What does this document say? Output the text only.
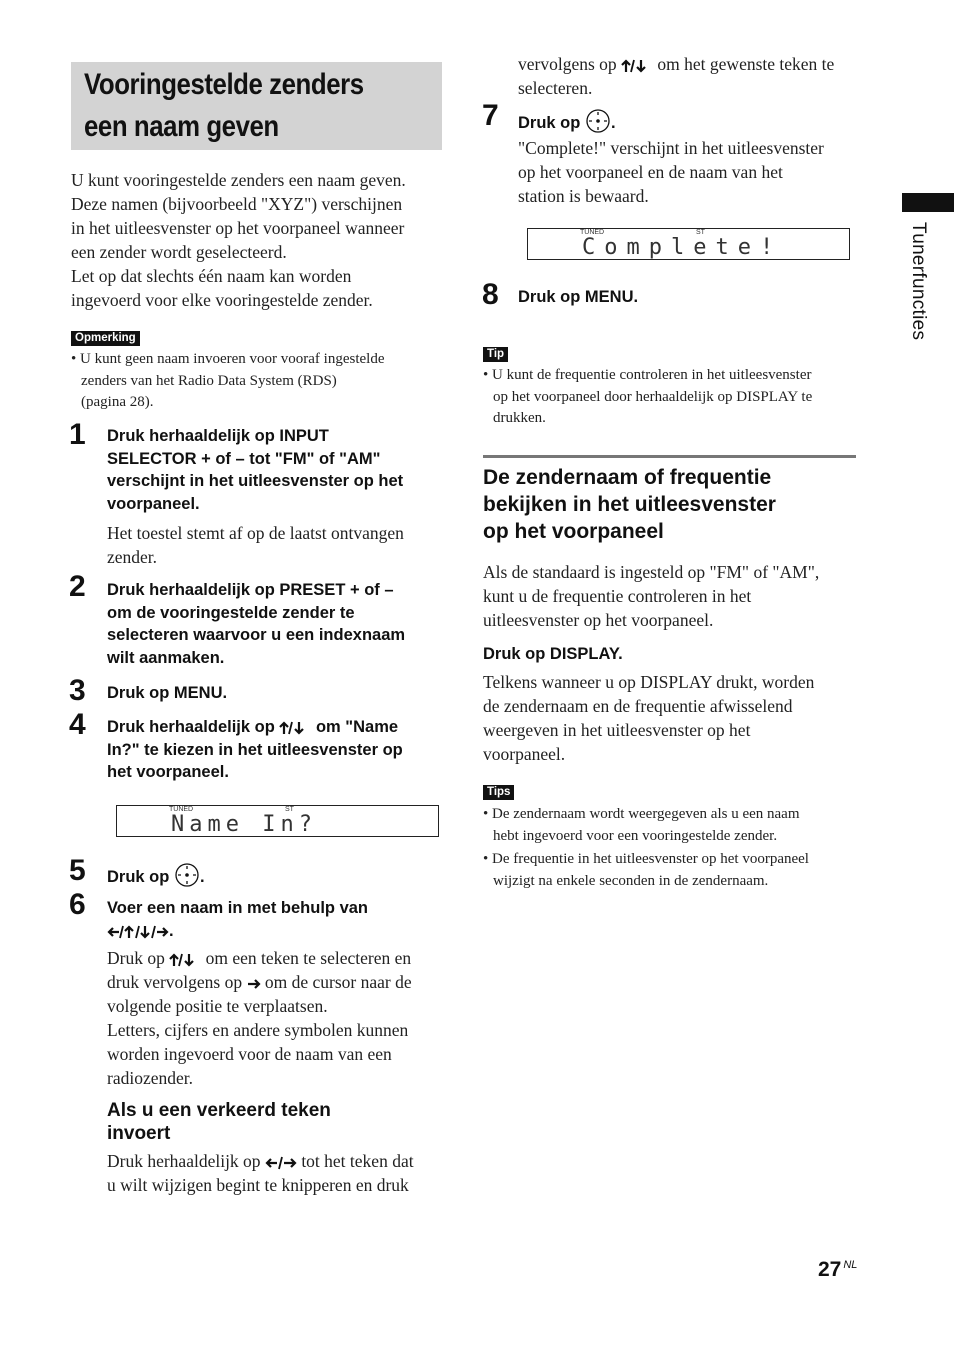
Vooringestelde zenders
een naam geven
U kunt vooringestelde zenders een naam geven.
Deze namen (bijvoorbeeld "XYZ") verschijnen
in het uitleesvenster op het voorpaneel wanneer
een zender wordt geselecteerd.
Let op dat slechts één naam kan worden
ingevoerd voor elke vooringestelde zender.
Opmerking
• U kunt geen naam invoeren voor vooraf ingestelde
zenders van het Radio Data System (RDS)
(pagina 28).
1 Druk herhaaldelijk op INPUT
SELECTOR + of – tot "FM" of "AM"
verschijnt in het uitleesvenster op het
voorpaneel.
Het toestel stemt af op de laatst ontvangen
zender.
2 Druk herhaaldelijk op PRESET + of –
om de vooringestelde zender te
selecteren waarvoor u een indexnaam
wilt aanmaken.
3 Druk op MENU.
4 Druk herhaaldelijk op  om "Name
In?" te kiezen in het uitleesvenster op
het voorpaneel.
TUNED	ST
Name In?
5 Druk op .
6 Voer een naam in met behulp van
.
Druk op  om een teken te selecteren en
druk vervolgens op  om de cursor naar de
volgende positie te verplaatsen.
Letters, cijfers en andere symbolen kunnen
worden ingevoerd voor de naam van een
radiozender.
Als u een verkeerd teken
invoert
Druk herhaaldelijk op  tot het teken dat
u wilt wijzigen begint te knipperen en druk
vervolgens op  om het gewenste teken te
selecteren.
7 Druk op .
"Complete!" verschijnt in het uitleesvenster
op het voorpaneel en de naam van het
station is bewaard.
TUNED	ST
Complete!
8 Druk op MENU.
Tip
• U kunt de frequentie controleren in het uitleesvenster
op het voorpaneel door herhaaldelijk op DISPLAY te
drukken.
De zendernaam of frequentie
bekijken in het uitleesvenster
op het voorpaneel
Als de standaard is ingesteld op "FM" of "AM",
kunt u de frequentie controleren in het
uitleesvenster op het voorpaneel.
Druk op DISPLAY.
Telkens wanneer u op DISPLAY drukt, worden
de zendernaam en de frequentie afwisselend
weergeven in het uitleesvenster op het
voorpaneel.
Tips
• De zendernaam wordt weergegeven als u een naam
hebt ingevoerd voor een vooringestelde zender.
• De frequentie in het uitleesvenster op het voorpaneel
wijzigt na enkele seconden in de zendernaam.
Tunerfuncties
27 $^{NL}$
